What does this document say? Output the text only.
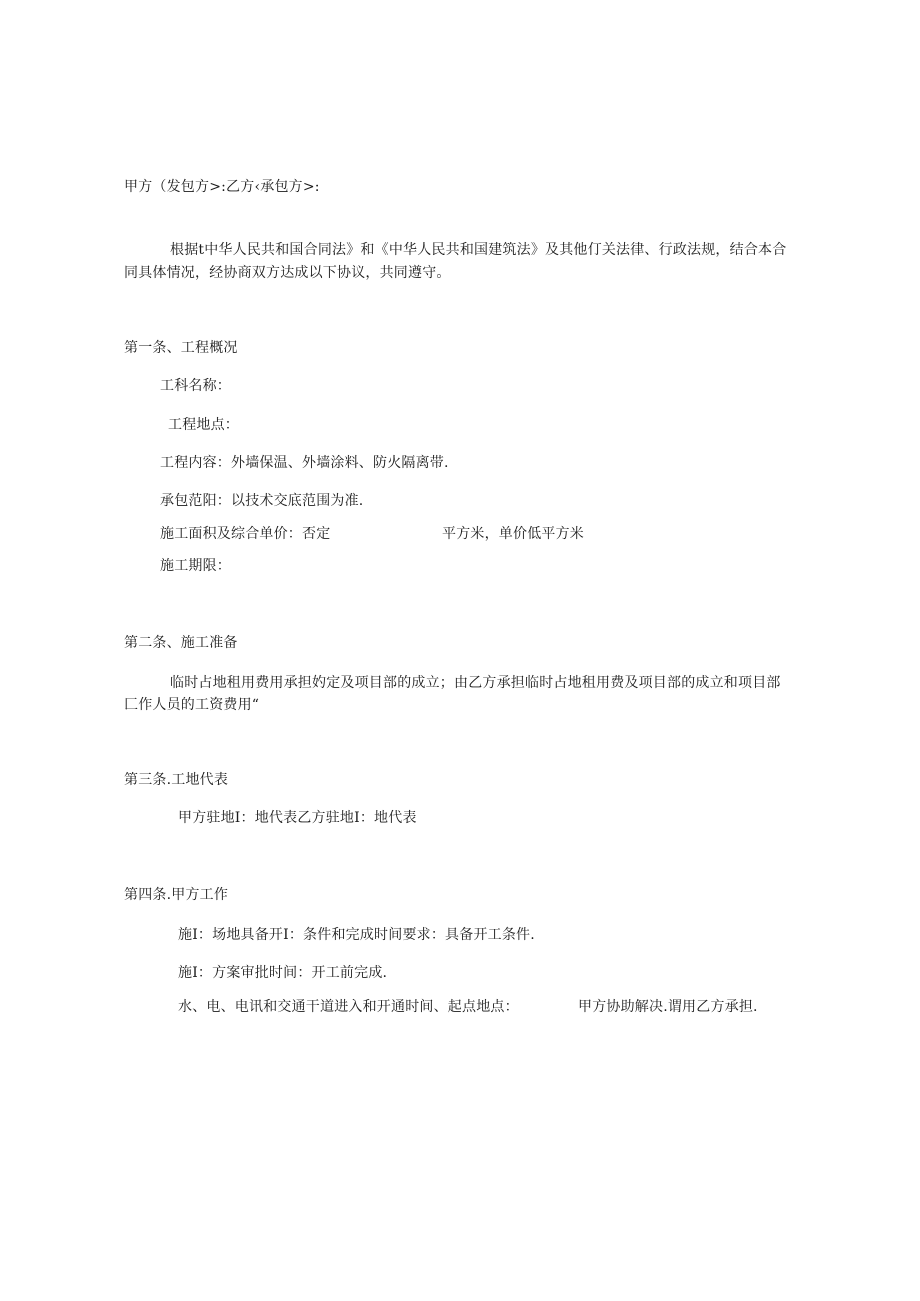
甲方（发包方>:乙方‹承包方>:
根据t中华人民共和国合同法》和《中华人民共和国建筑法》及其他仃关法律、行政法规，结合本合
同具体情况，经协商双方达成以下协议，共同遵守。
第一条、工程概况
工科名称：
工程地点：
工程内容：外墙保温、外墙涂料、防火隔离带.
承包范阳：以技术交底范围为准.
施工面积及综合单价：否定	平方米，单价低平方米
施工期限：
第二条、施工准备
临时占地租用费用承担妁定及项目部的成立；由乙方承担临时占地租用费及项目部的成立和项目部
匚作人员的工资费用“
第三条.工地代表
甲方驻地I：地代表乙方驻地I：地代表
第四条.甲方工作
施I：场地具备开I：条件和完成时间要求：具备开工条件.
施I：方案审批时间：开工前完成.
水、电、电讯和交通干道进入和开通时间、起点地点：	甲方协助解决.谓用乙方承担.
